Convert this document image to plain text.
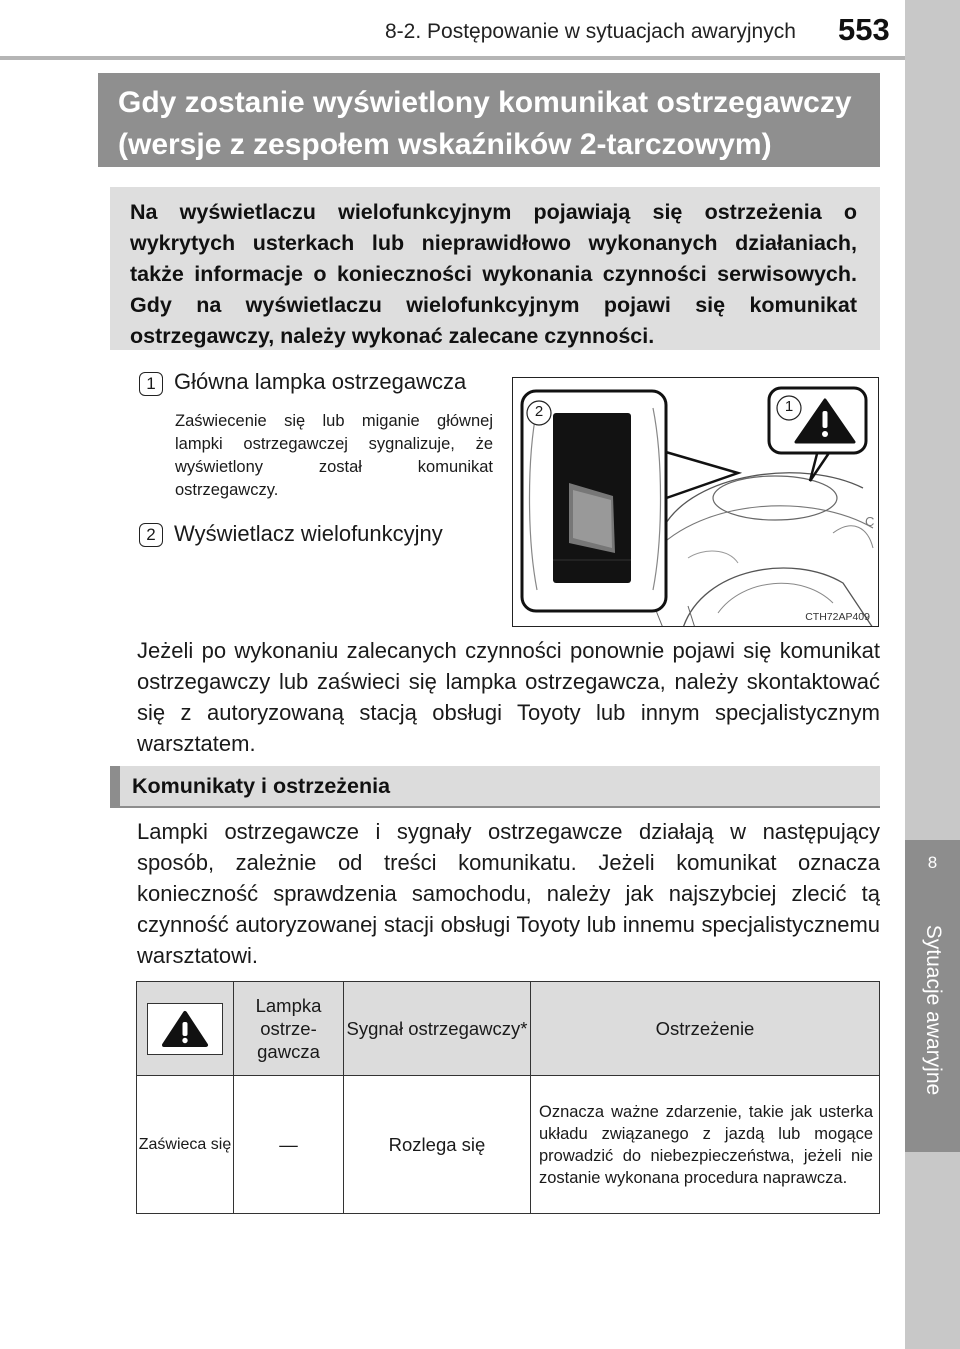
8-2. Postępowanie w sytuacjach awaryjnych 553
8
Sytuacje awaryjne
Gdy zostanie wyświetlony komunikat ostrzegawczy (wersje z zespołem wskaźników 2-tarczowym)
Na wyświetlaczu wielofunkcyjnym pojawiają się ostrzeżenia o wykrytych usterkach lub nieprawidłowo wykonanych działaniach, także informacje o konieczności wykonania czynności serwisowych. Gdy na wyświetlaczu wielofunkcyjnym pojawi się komunikat ostrzegawczy, należy wykonać zalecane czynności.
1 Główna lampka ostrzegawcza
Zaświecenie się lub miganie głównej lampki ostrzegawczej sygnalizuje, że wyświetlony został komunikat ostrzegawczy.
2 Wyświetlacz wielofunkcyjny	C
2	1
CTH72AP409
Jeżeli po wykonaniu zalecanych czynności ponownie pojawi się komunikat ostrzegawczy lub zaświeci się lampka ostrzegawcza, należy skontaktować się z autoryzowaną stacją obsługi Toyoty lub innym specjalistycznym warsztatem.
Komunikaty i ostrzeżenia
Lampki ostrzegawcze i sygnały ostrzegawcze działają w następujący sposób, zależnie od treści komunikatu. Jeżeli komunikat oznacza konieczność sprawdzenia samochodu, należy jak najszybciej zlecić tą czynność autoryzowanej stacji obsługi Toyoty lub innemu specjalistycznemu warsztatowi.
	Lampka ostrze- gawcza	Sygnał ostrzegawczy*	Ostrzeżenie
Zaświeca się	—	Rozlega się	Oznacza ważne zdarzenie, takie jak usterka układu związanego z jazdą lub mogące prowadzić do niebezpieczeństwa, jeżeli nie zostanie wykonana procedura naprawcza.
